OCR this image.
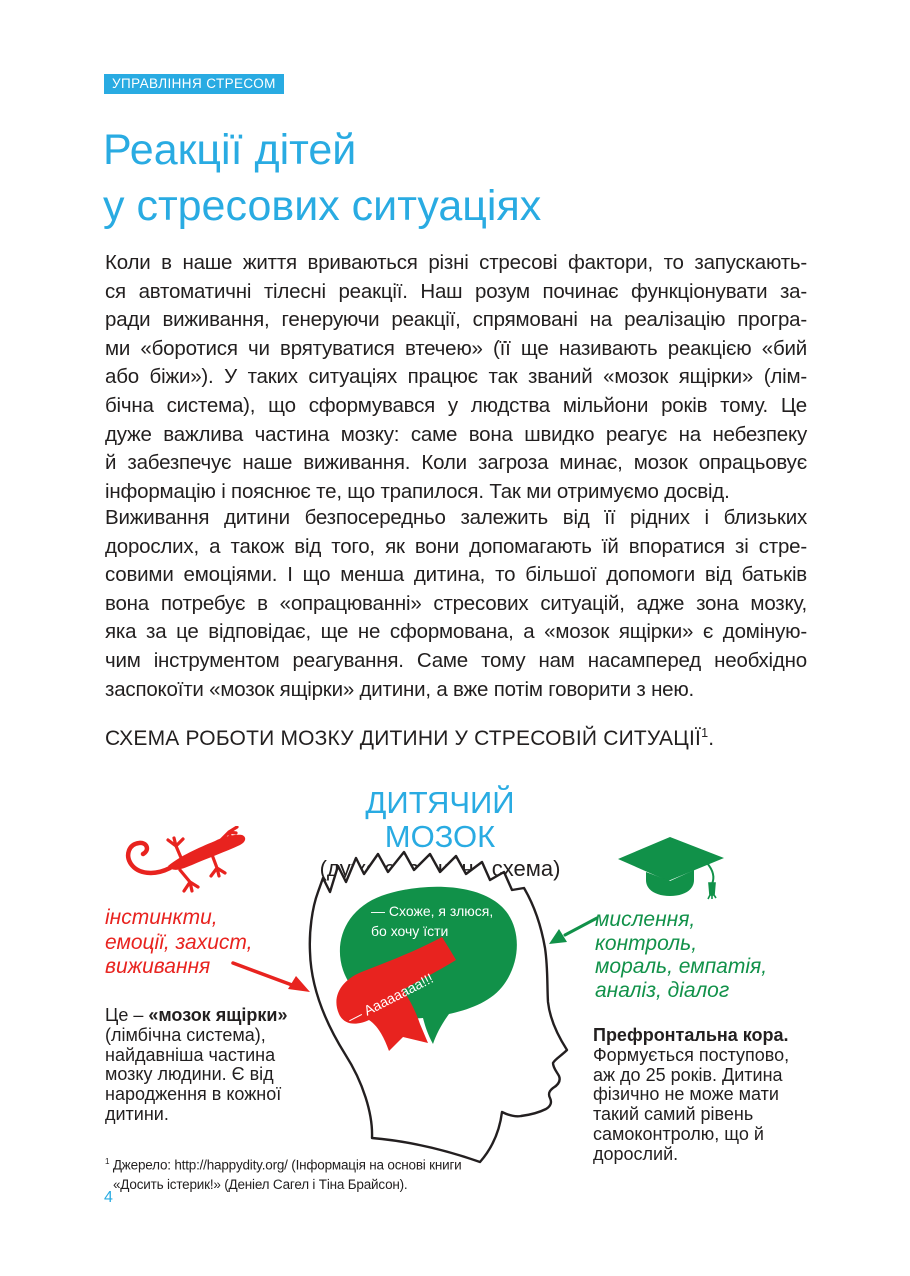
УПРАВЛІННЯ СТРЕСОМ
Реакції дітей
у стресових ситуаціях
Коли в наше життя вриваються різні стресові фактори, то запускають-
ся автоматичні тілесні реакції. Наш розум починає функціонувати за-
ради виживання, генеруючи реакції, спрямовані на реалізацію програ-
ми «боротися чи врятуватися втечею» (її ще називають реакцією «бий
або біжи»). У таких ситуаціях працює так званий «мозок ящірки» (лім-
бічна система), що сформувався у людства мільйони років тому. Це
дуже важлива частина мозку: саме вона швидко реагує на небезпеку
й забезпечує наше виживання. Коли загроза минає, мозок опрацьовує
інформацію і пояснює те, що трапилося. Так ми отримуємо досвід.
Виживання дитини безпосередньо залежить від її рідних і близьких
дорослих, а також від того, як вони допомагають їй впоратися зі стре-
совими емоціями. І що менша дитина, то більшої допомоги від батьків
вона потребує в «опрацюванні» стресових ситуацій, адже зона мозку,
яка за це відповідає, ще не сформована, а «мозок ящірки» є доміную-
чим інструментом реагування. Саме тому нам насамперед необхідно
заспокоїти «мозок ящірки» дитини, а вже потім говорити з нею.
СХЕМА РОБОТИ МОЗКУ ДИТИНИ У СТРЕСОВІЙ СИТУАЦІЇ$^1$.
ДИТЯЧИЙ МОЗОК
(дуже спрощеня схема)
інстинкти,
емоції, захист,
виживання
Це – «мозок ящірки»
(лімбічна система),
найдавніша частина
мозку людини. Є від
народження в кожної
дитини.
— Схоже, я злюся,
бо хочу їсти
— Аааааааа!!!
мислення,
контроль,
мораль, емпатія,
аналіз, діалог
Префронтальна кора.
Формується поступово,
аж до 25 років. Дитина
фізично не може мати
такий самий рівень
самоконтролю, що й
дорослий.
$^1$ Джерело: http://happydity.org/ (Інформація на основі книги
«Досить істерик!» (Деніел Сагел і Тіна Брайсон).
4
